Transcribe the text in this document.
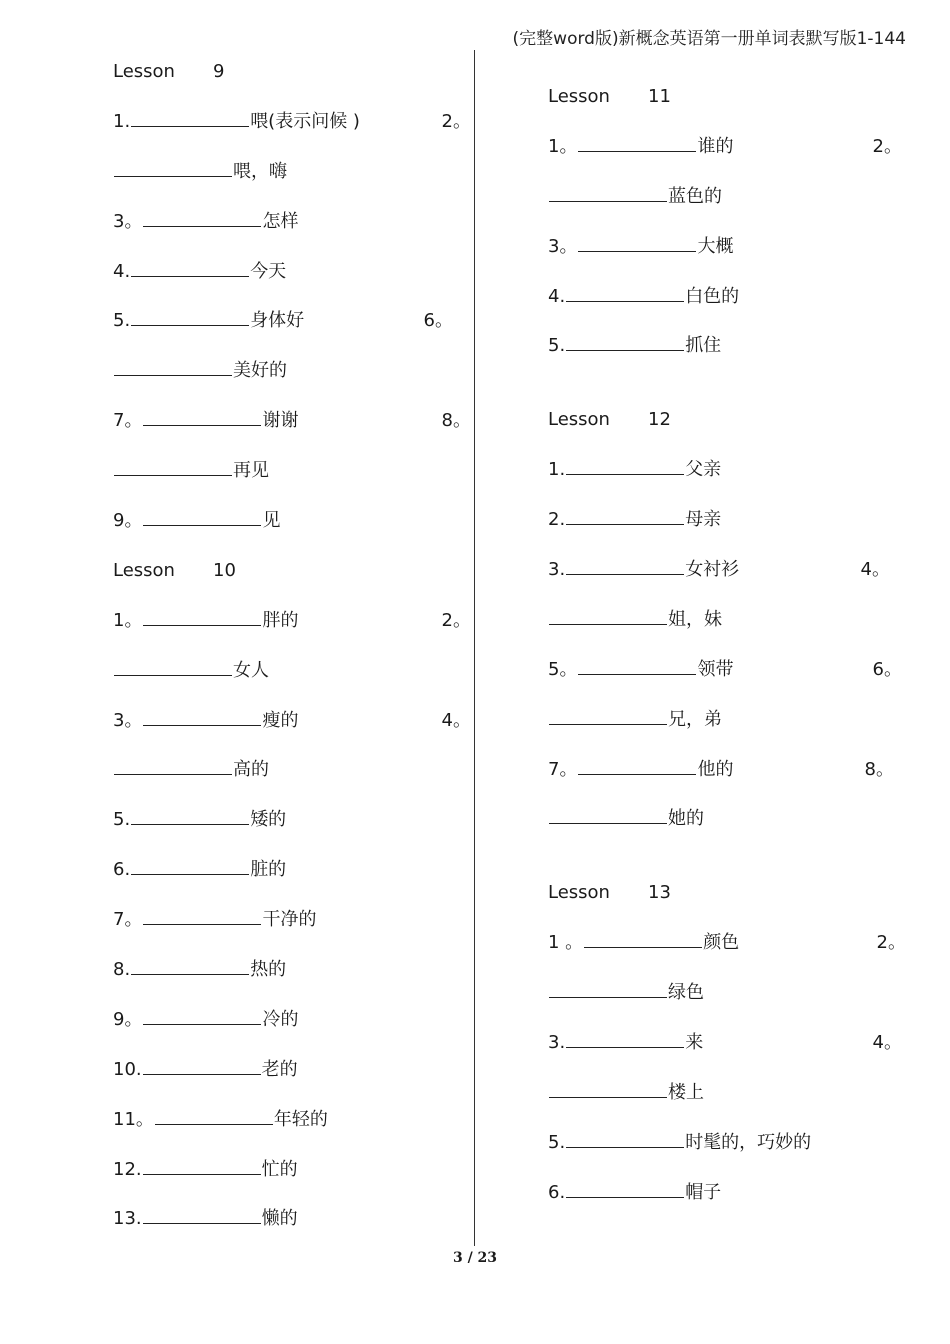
(完整word版)新概念英语第一册单词表默写版1-144
Lesson 9
1.	喂(表示问候 )	2。
喂，嗨
3。	怎样
4.	今天
5.	身体好	6。
美好的
7。	谢谢	8。
再见
9。	见
Lesson 10
1。	胖的	2。
女人
3。	瘦的	4。
高的
5.	矮的
6.	脏的
7。	干净的
8.	热的
9。	冷的
10.	老的
11。	年轻的
12.	忙的
13.	懒的
Lesson 11
1。	谁的	2。
蓝色的
3。	大概
4.	白色的
5.	抓住
Lesson 12
1.	父亲
2.	母亲
3.	女衬衫	4。
姐，妹
5。	领带	6。
兄，弟
7。	他的	8。
她的
Lesson 13
1 。	颜色	2。
绿色
3.	来	4。
楼上
5.	时髦的，巧妙的
6.	帽子
3 / 23
